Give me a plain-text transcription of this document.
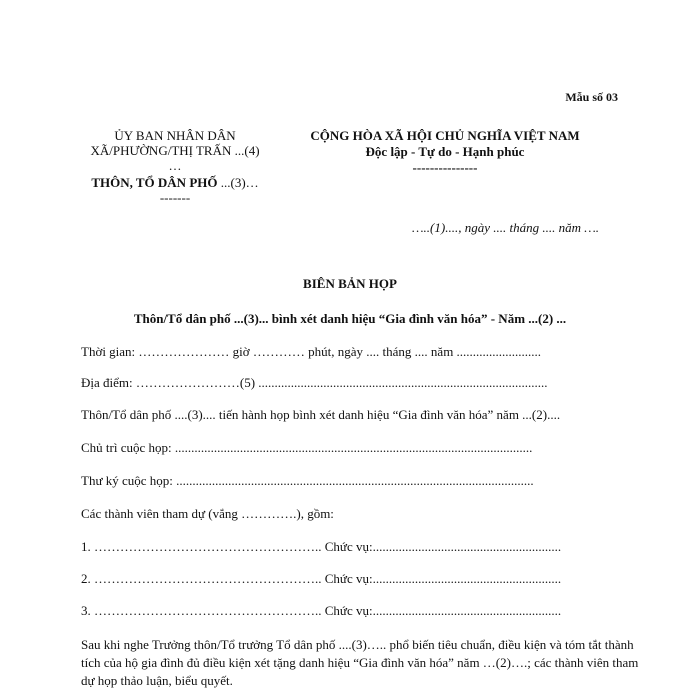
Mẫu số 03
ỦY BAN NHÂN DÂN
XÃ/PHƯỜNG/THỊ TRẤN ...(4)
…
THÔN, TỔ DÂN PHỐ ...(3)…
-------
CỘNG HÒA XÃ HỘI CHỦ NGHĨA VIỆT NAM
Độc lập - Tự do - Hạnh phúc
---------------
…..(1)...., ngày .... tháng .... năm ….
BIÊN BẢN HỌP
Thôn/Tổ dân phố ...(3)... bình xét danh hiệu “Gia đình văn hóa” - Năm ...(2) ...
Thời gian: ………………… giờ ………… phút, ngày .... tháng .... năm ..........................
Địa điểm: ……………………(5) .........................................................................................
Thôn/Tổ dân phố ....(3).... tiến hành họp bình xét danh hiệu “Gia đình văn hóa” năm ...(2)....
Chủ trì cuộc họp: ..............................................................................................................
Thư ký cuộc họp: ..............................................................................................................
Các thành viên tham dự (vắng ………….), gồm:
1. …………………………………………….. Chức vụ:..........................................................
2. …………………………………………….. Chức vụ:..........................................................
3. …………………………………………….. Chức vụ:..........................................................
Sau khi nghe Trưởng thôn/Tổ trưởng Tổ dân phố ....(3)….. phổ biến tiêu chuẩn, điều kiện và tóm tắt thành tích của hộ gia đình đủ điều kiện xét tặng danh hiệu “Gia đình văn hóa” năm …(2)….; các thành viên tham dự họp thảo luận, biểu quyết.
